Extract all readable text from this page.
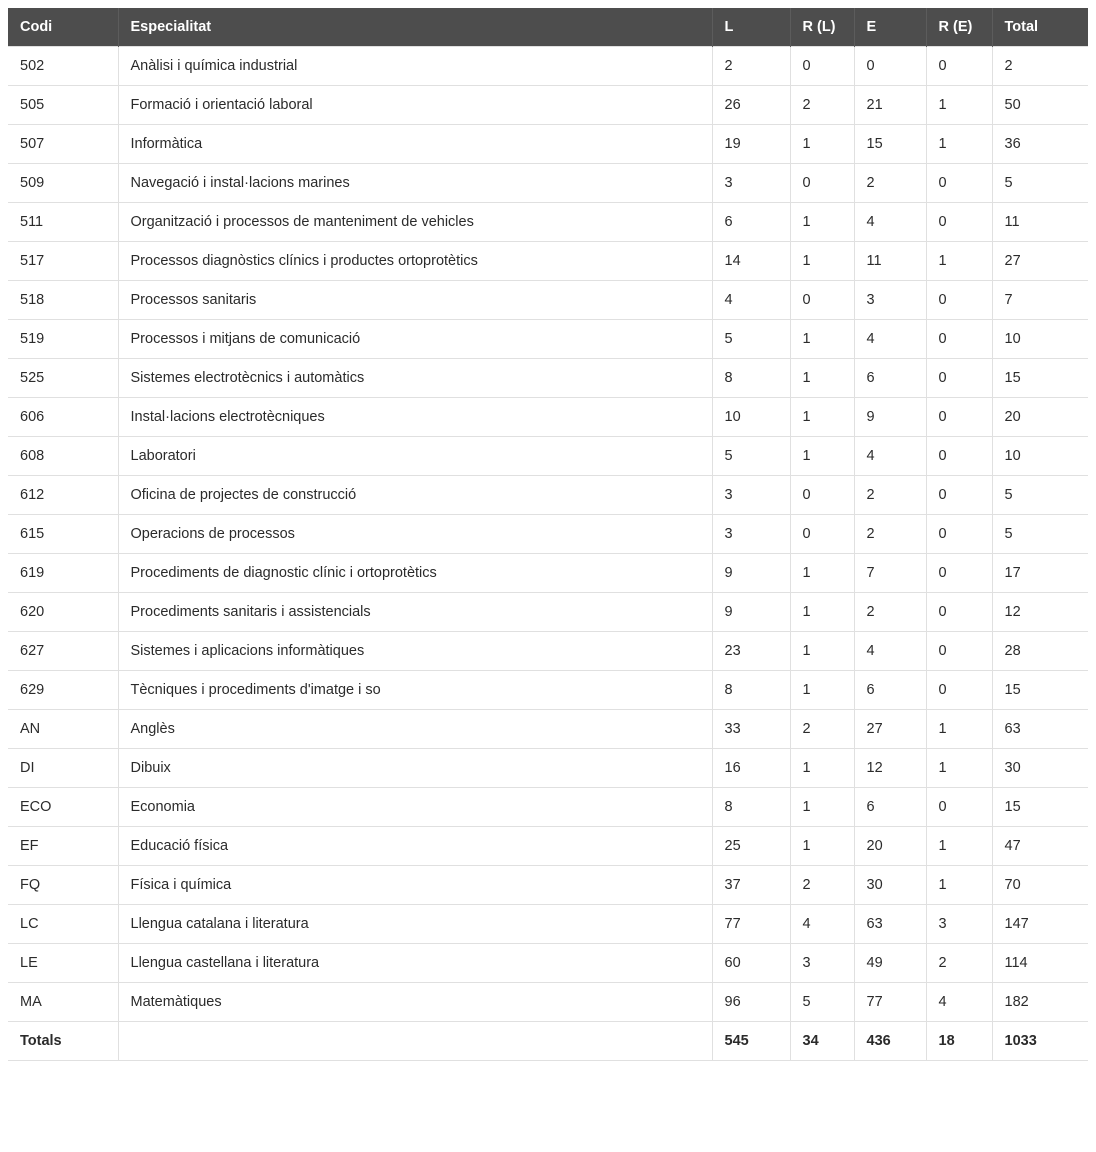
Codi	Especialitat	L	R (L)	E	R (E)	Total
502	Anàlisi i química industrial	2	0	0	0	2
505	Formació i orientació laboral	26	2	21	1	50
507	Informàtica	19	1	15	1	36
509	Navegació i instal·lacions marines	3	0	2	0	5
511	Organització i processos de manteniment de vehicles	6	1	4	0	11
517	Processos diagnòstics clínics i productes ortoprotètics	14	1	11	1	27
518	Processos sanitaris	4	0	3	0	7
519	Processos i mitjans de comunicació	5	1	4	0	10
525	Sistemes electrotècnics i automàtics	8	1	6	0	15
606	Instal·lacions electrotècniques	10	1	9	0	20
608	Laboratori	5	1	4	0	10
612	Oficina de projectes de construcció	3	0	2	0	5
615	Operacions de processos	3	0	2	0	5
619	Procediments de diagnostic clínic i ortoprotètics	9	1	7	0	17
620	Procediments sanitaris i assistencials	9	1	2	0	12
627	Sistemes i aplicacions informàtiques	23	1	4	0	28
629	Tècniques i procediments d'imatge i so	8	1	6	0	15
AN	Anglès	33	2	27	1	63
DI	Dibuix	16	1	12	1	30
ECO	Economia	8	1	6	0	15
EF	Educació física	25	1	20	1	47
FQ	Física i química	37	2	30	1	70
LC	Llengua catalana i literatura	77	4	63	3	147
LE	Llengua castellana i literatura	60	3	49	2	114
MA	Matemàtiques	96	5	77	4	182
Totals		545	34	436	18	1033
